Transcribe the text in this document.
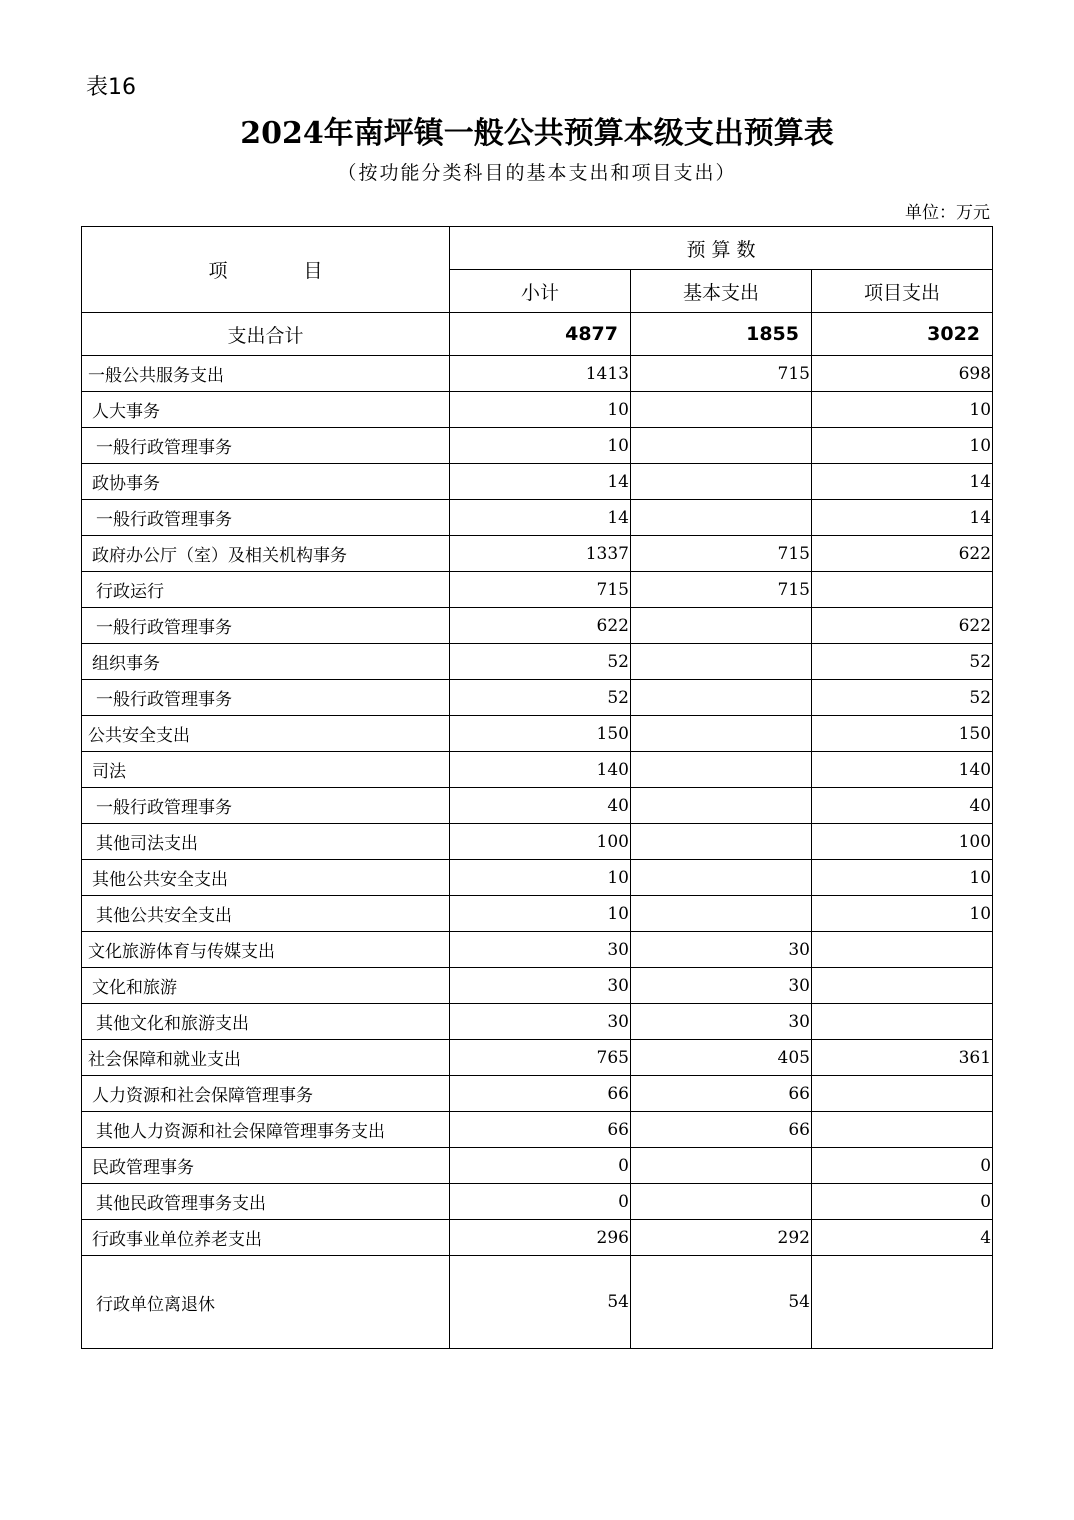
表16
2024年南坪镇一般公共预算本级支出预算表
（按功能分类科目的基本支出和项目支出）
单位：万元
项　　　　目	预 算 数		
	小计	基本支出	项目支出
支出合计	4877	1855	3022
一般公共服务支出	1413	715	698
人大事务	10		10
一般行政管理事务	10		10
政协事务	14		14
一般行政管理事务	14		14
政府办公厅（室）及相关机构事务	1337	715	622
行政运行	715	715	
一般行政管理事务	622		622
组织事务	52		52
一般行政管理事务	52		52
公共安全支出	150		150
司法	140		140
一般行政管理事务	40		40
其他司法支出	100		100
其他公共安全支出	10		10
其他公共安全支出	10		10
文化旅游体育与传媒支出	30	30	
文化和旅游	30	30	
其他文化和旅游支出	30	30	
社会保障和就业支出	765	405	361
人力资源和社会保障管理事务	66	66	
其他人力资源和社会保障管理事务支出	66	66	
民政管理事务	0		0
其他民政管理事务支出	0		0
行政事业单位养老支出	296	292	4
行政单位离退休	54	54	
